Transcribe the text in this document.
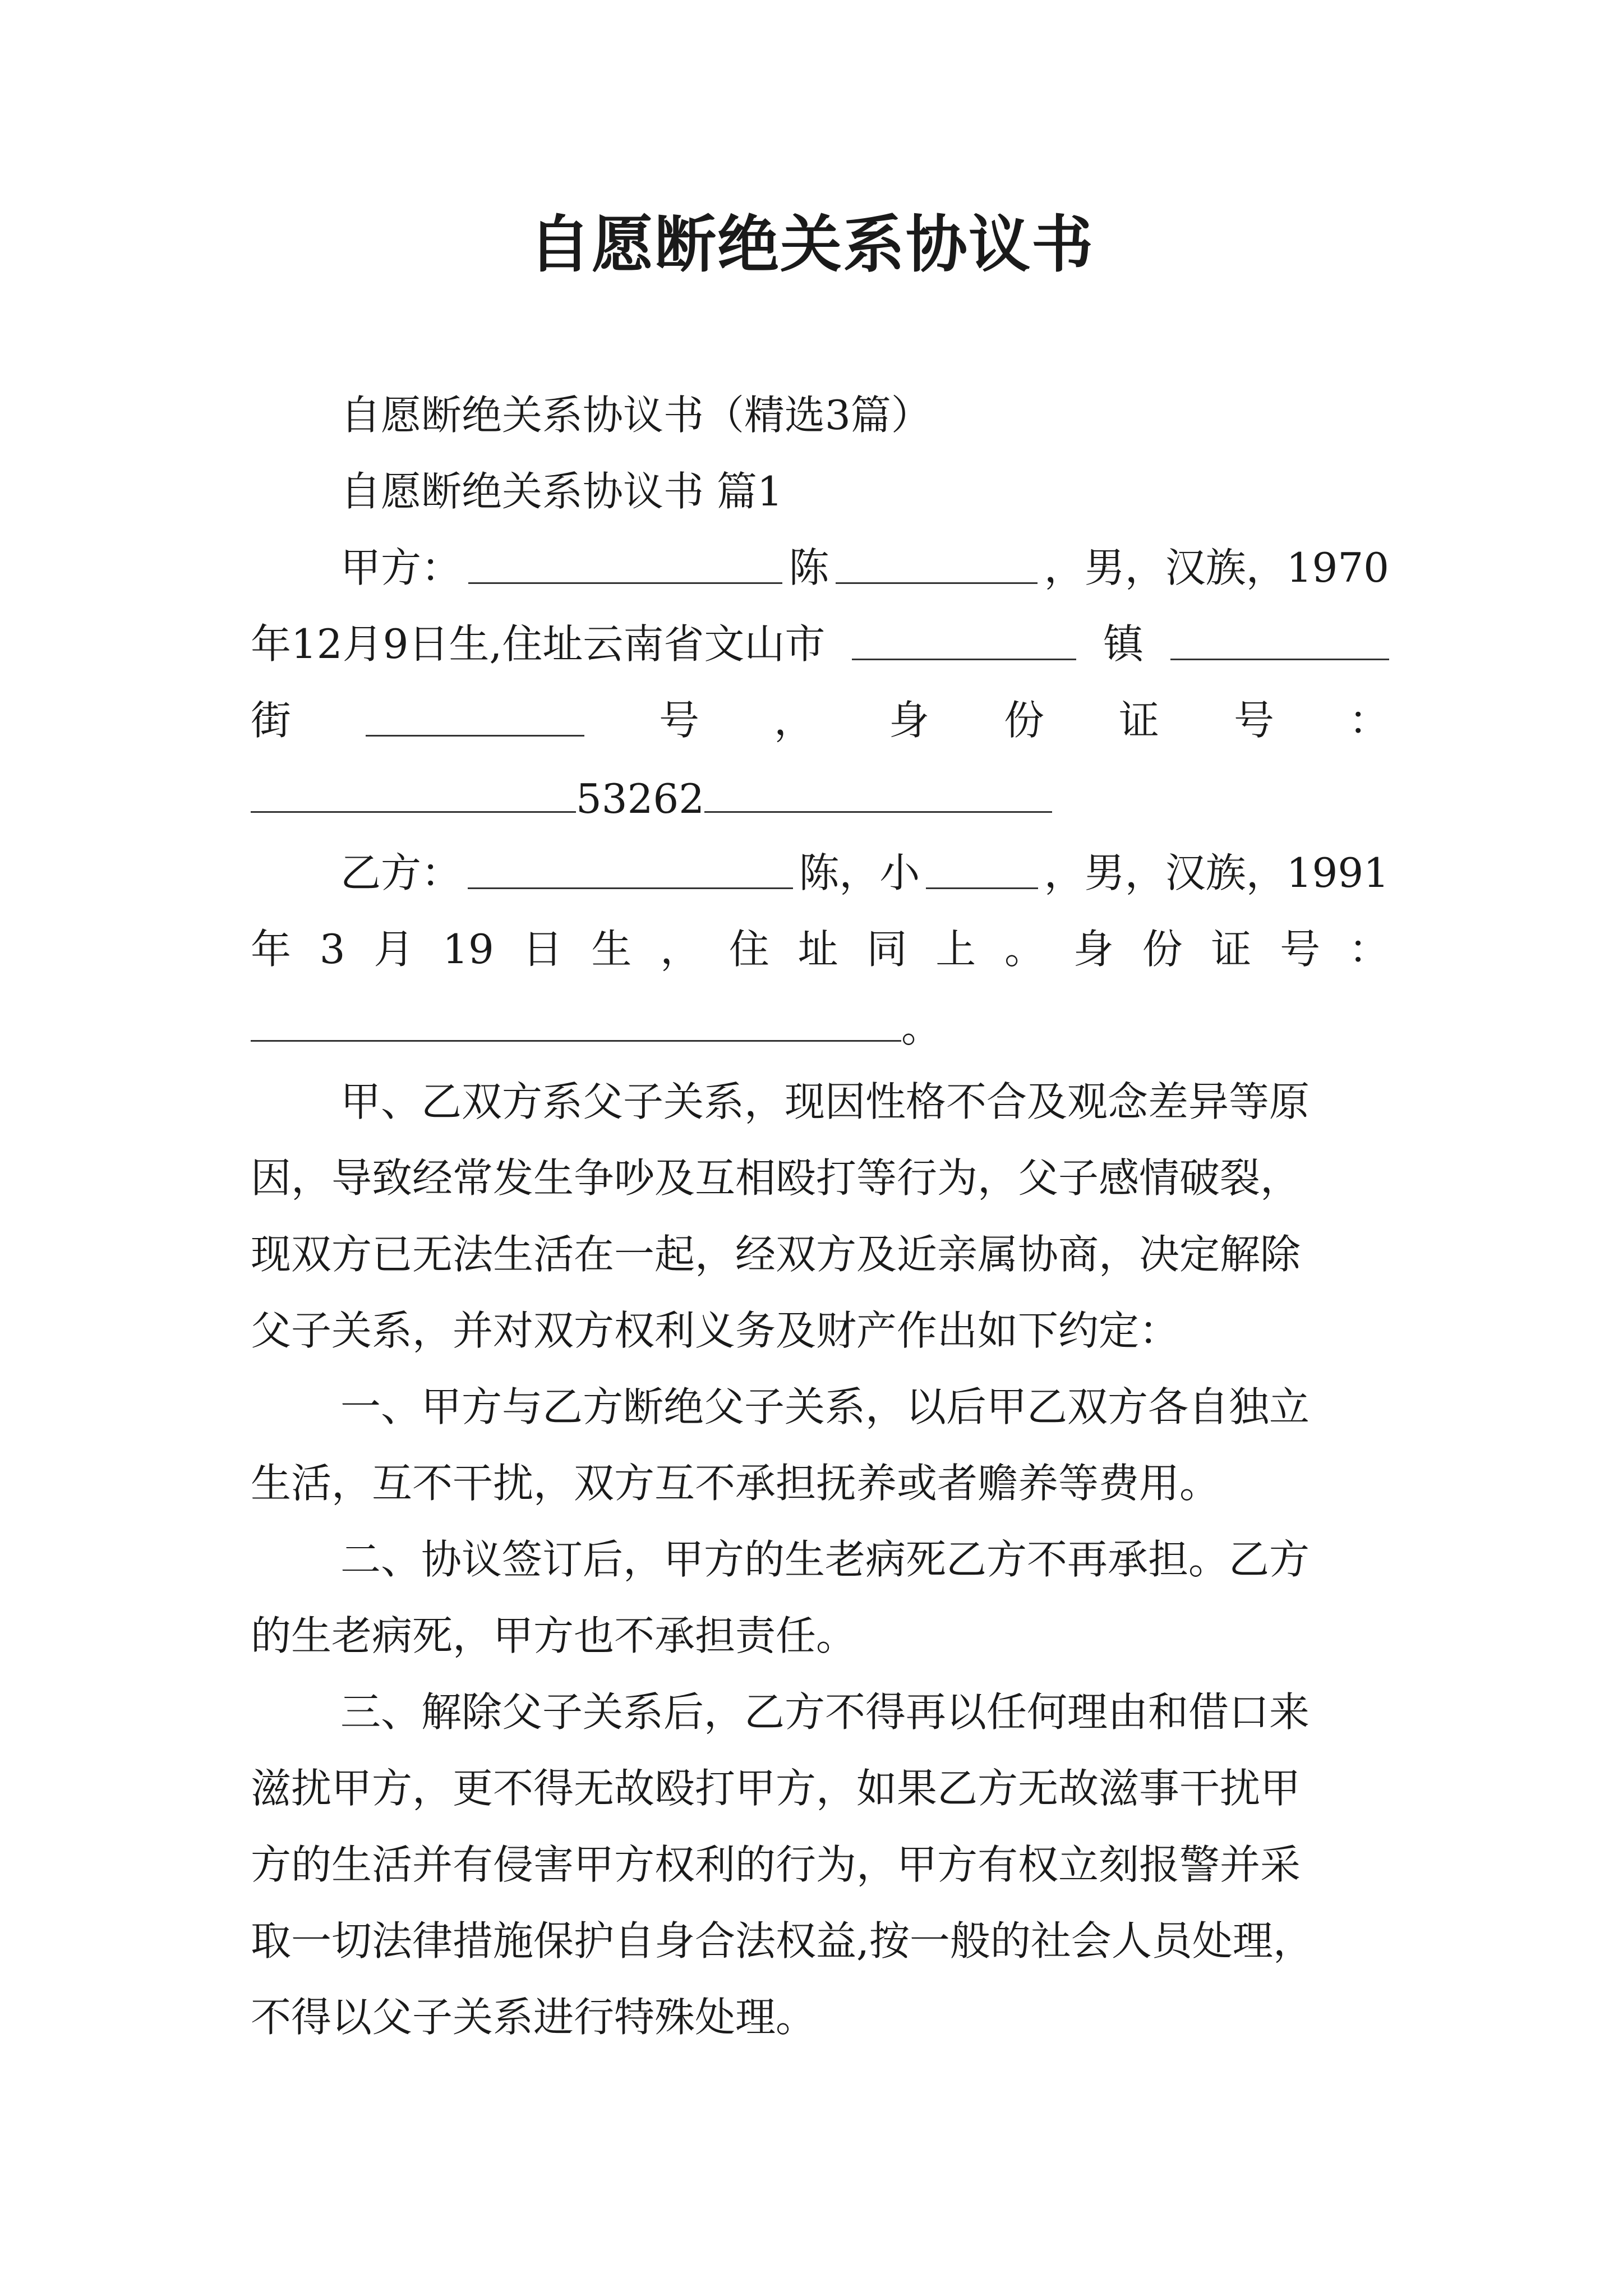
自愿断绝关系协议书
自愿断绝关系协议书（精选3篇）
自愿断绝关系协议书 篇1
甲方：	陈	，男，汉族，1970
年12月9日生,住址云南省文山市	镇
街	号 ， 身 份 证 号 ：
53262
乙方：	陈，小	，男，汉族，1991
年 3 月 19 日 生 ， 住 址 同 上 。 身 份 证 号 ：
。
甲、乙双方系父子关系，现因性格不合及观念差异等原
因，导致经常发生争吵及互相殴打等行为，父子感情破裂，
现双方已无法生活在一起，经双方及近亲属协商，决定解除
父子关系，并对双方权利义务及财产作出如下约定：
一、甲方与乙方断绝父子关系，以后甲乙双方各自独立
生活，互不干扰，双方互不承担抚养或者赡养等费用。
二、协议签订后，甲方的生老病死乙方不再承担。乙方
的生老病死，甲方也不承担责任。
三、解除父子关系后，乙方不得再以任何理由和借口来
滋扰甲方，更不得无故殴打甲方，如果乙方无故滋事干扰甲
方的生活并有侵害甲方权利的行为，甲方有权立刻报警并采
取一切法律措施保护自身合法权益,按一般的社会人员处理，
不得以父子关系进行特殊处理。
